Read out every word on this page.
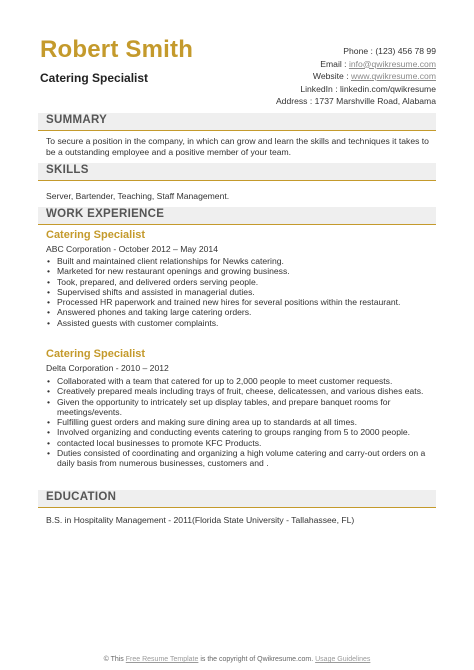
Robert Smith
Catering Specialist
Phone : (123) 456 78 99
Email : info@qwikresume.com
Website : www.qwikresume.com
LinkedIn : linkedin.com/qwikresume
Address : 1737 Marshville Road, Alabama
SUMMARY
To secure a position in the company, in which can grow and learn the skills and techniques it takes to be a outstanding employee and a positive member of your team.
SKILLS
Server, Bartender, Teaching, Staff Management.
WORK EXPERIENCE
Catering Specialist
ABC Corporation - October 2012 – May 2014
• Built and maintained client relationships for Newks catering.
• Marketed for new restaurant openings and growing business.
• Took, prepared, and delivered orders serving people.
• Supervised shifts and assisted in managerial duties.
• Processed HR paperwork and trained new hires for several positions within the restaurant.
• Answered phones and taking large catering orders.
• Assisted guests with customer complaints.
Catering Specialist
Delta Corporation - 2010 – 2012
• Collaborated with a team that catered for up to 2,000 people to meet customer requests.
• Creatively prepared meals including trays of fruit, cheese, delicatessen, and various dishes eats.
• Given the opportunity to intricately set up display tables, and prepare banquet rooms for meetings/events.
• Fulfilling guest orders and making sure dining area up to standards at all times.
• Involved organizing and conducting events catering to groups ranging from 5 to 2000 people.
• contacted local businesses to promote KFC Products.
• Duties consisted of coordinating and organizing a high volume catering and carry-out orders on a daily basis from numerous businesses, customers and .
EDUCATION
B.S. in Hospitality Management - 2011(Florida State University - Tallahassee, FL)
© This Free Resume Template is the copyright of Qwikresume.com. Usage Guidelines
